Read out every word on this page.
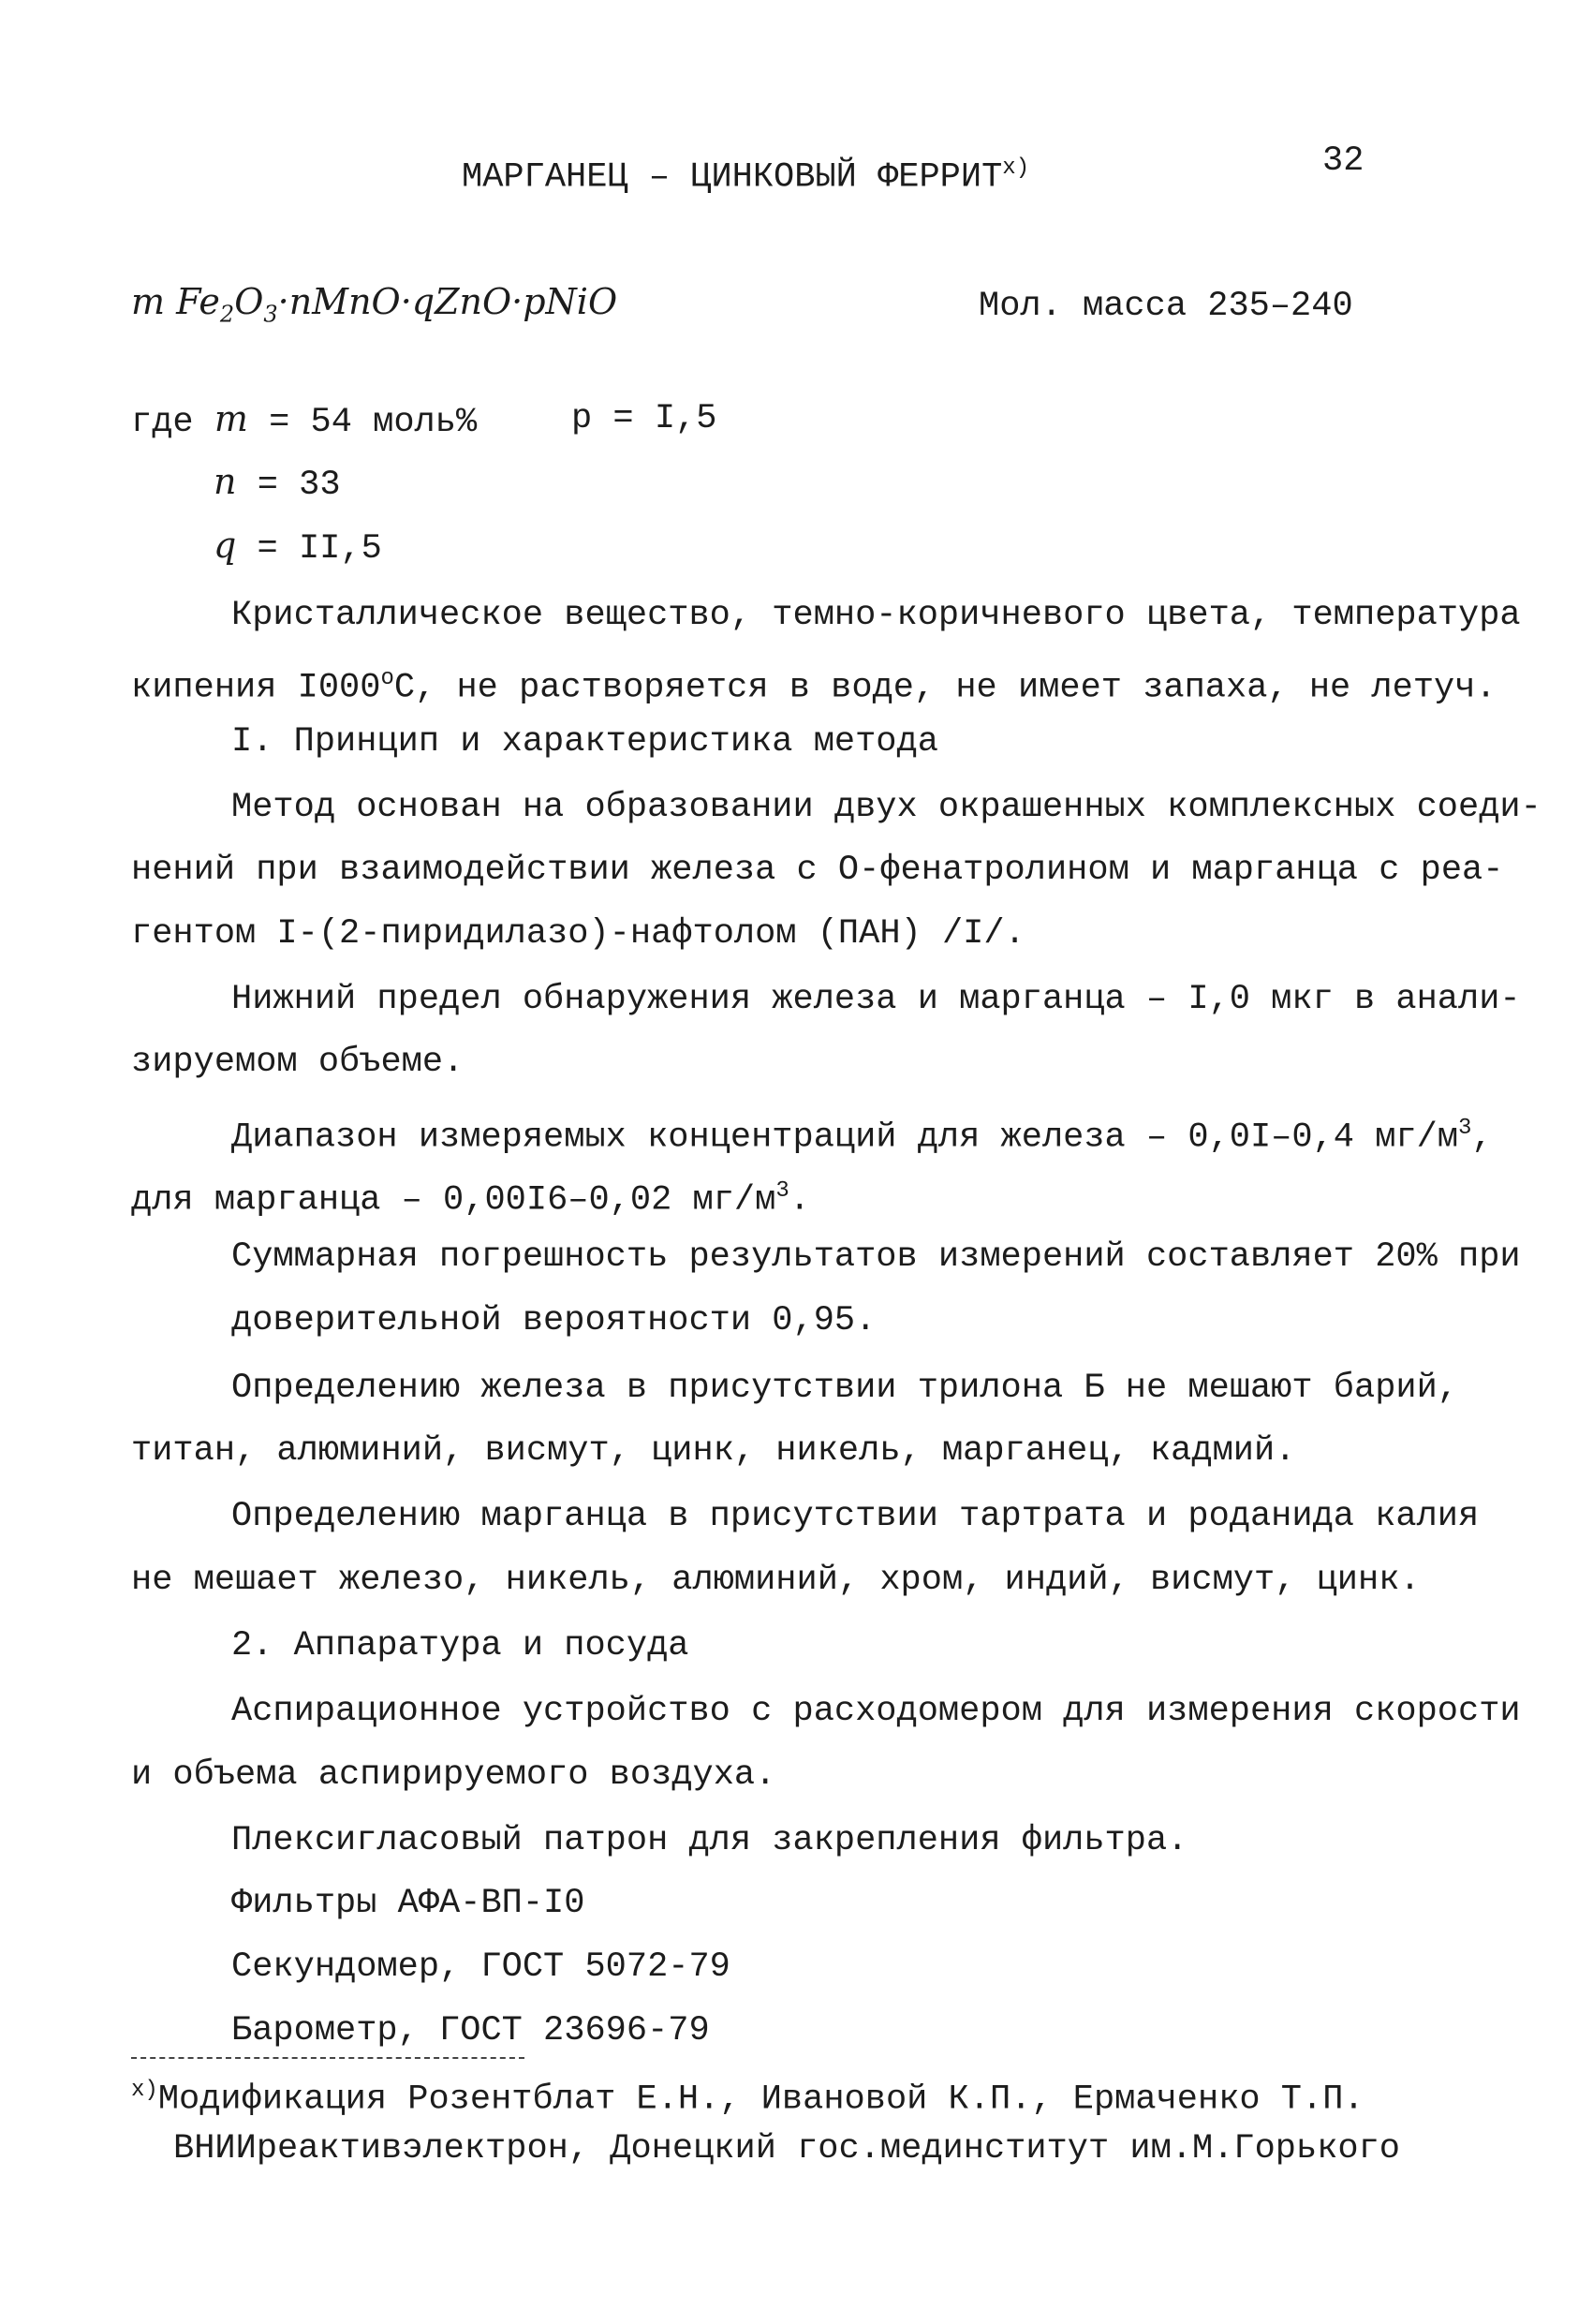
МАРГАНЕЦ – ЦИНКОВЫЙ ФЕРРИТ$^{x)}$	32
m $Fe_2O_3\cdot nMnO\cdot qZnO\cdot pNiO$	Мол. масса 235–240
где m = 54 моль%	p = I,5
n = 33
q = II,5
Кристаллическое вещество, темно-коричневого цвета, температура
кипения $I000^оС$, не растворяется в воде, не имеет запаха, не летуч.
I. Принцип и характеристика метода
Метод основан на образовании двух окрашенных комплексных соеди-
нений при взаимодействии железа с О-фенатролином и марганца с реа-
гентом I-(2-пиридилазо)-нафтолом (ПАН) /I/.
Нижний предел обнаружения железа и марганца – I,0 мкг в анали-
зируемом объеме.
Диапазон измеряемых концентраций для железа – 0,0I–0,4 $мг/м^3$,
для марганца – 0,00I6–0,02 $мг/м^3$.
Суммарная погрешность результатов измерений составляет 20% при
доверительной вероятности 0,95.
Определению железа в присутствии трилона Б не мешают барий,
титан, алюминий, висмут, цинк, никель, марганец, кадмий.
Определению марганца в присутствии тартрата и роданида калия
не мешает железо, никель, алюминий, хром, индий, висмут, цинк.
2. Аппаратура и посуда
Аспирационное устройство с расходомером для измерения скорости
и объема аспирируемого воздуха.
Плексигласовый патрон для закрепления фильтра.
Фильтры АФА-ВП-I0
Секундомер, ГОСТ 5072-79
Барометр, ГОСТ 23696-79
$^{x)}$Модификация Розентблат Е.Н., Ивановой К.П., Ермаченко Т.П.
ВНИИреактивэлектрон, Донецкий гос.мединститут им.М.Горького
